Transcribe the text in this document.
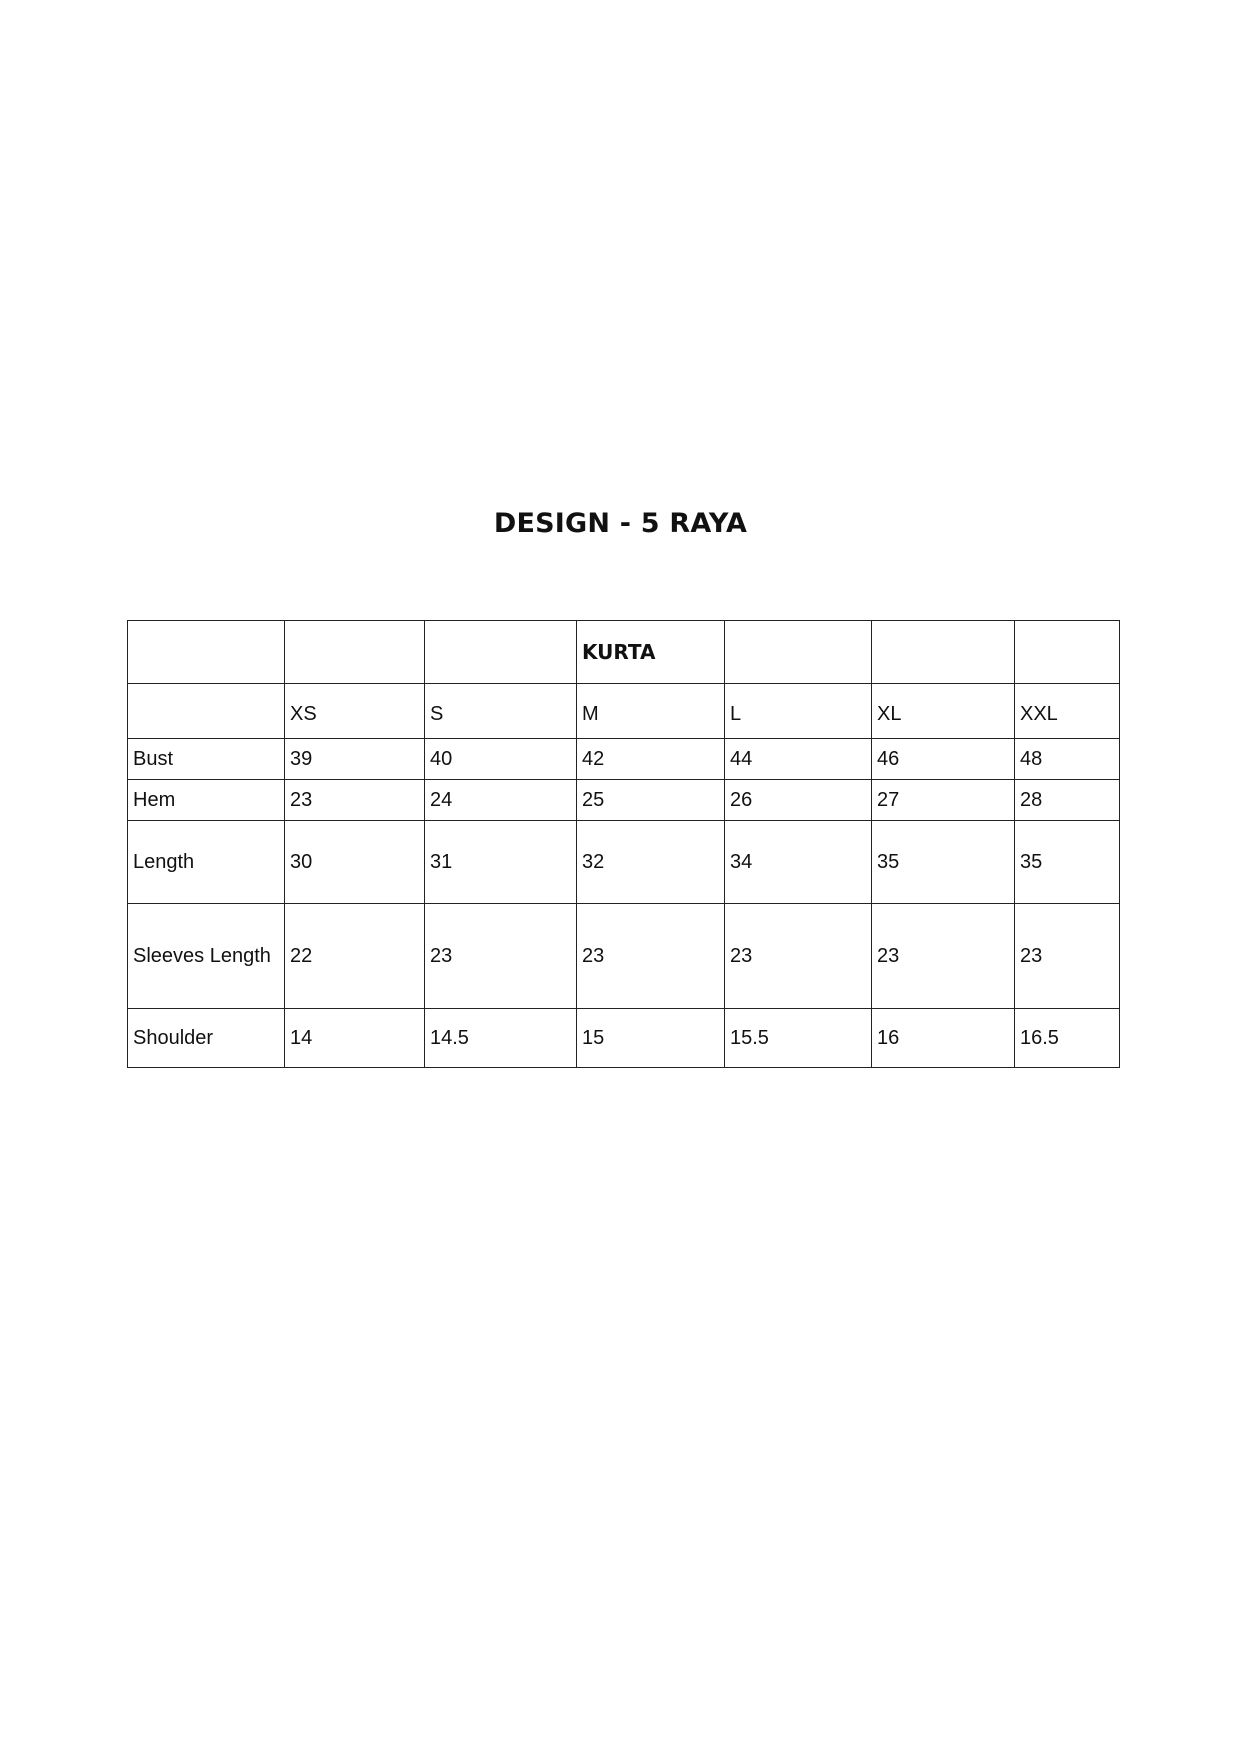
DESIGN - 5 RAYA
			KURTA			
	XS	S	M	L	XL	XXL
Bust	39	40	42	44	46	48
Hem	23	24	25	26	27	28
Length	30	31	32	34	35	35
Sleeves Length	22	23	23	23	23	23
Shoulder	14	14.5	15	15.5	16	16.5
